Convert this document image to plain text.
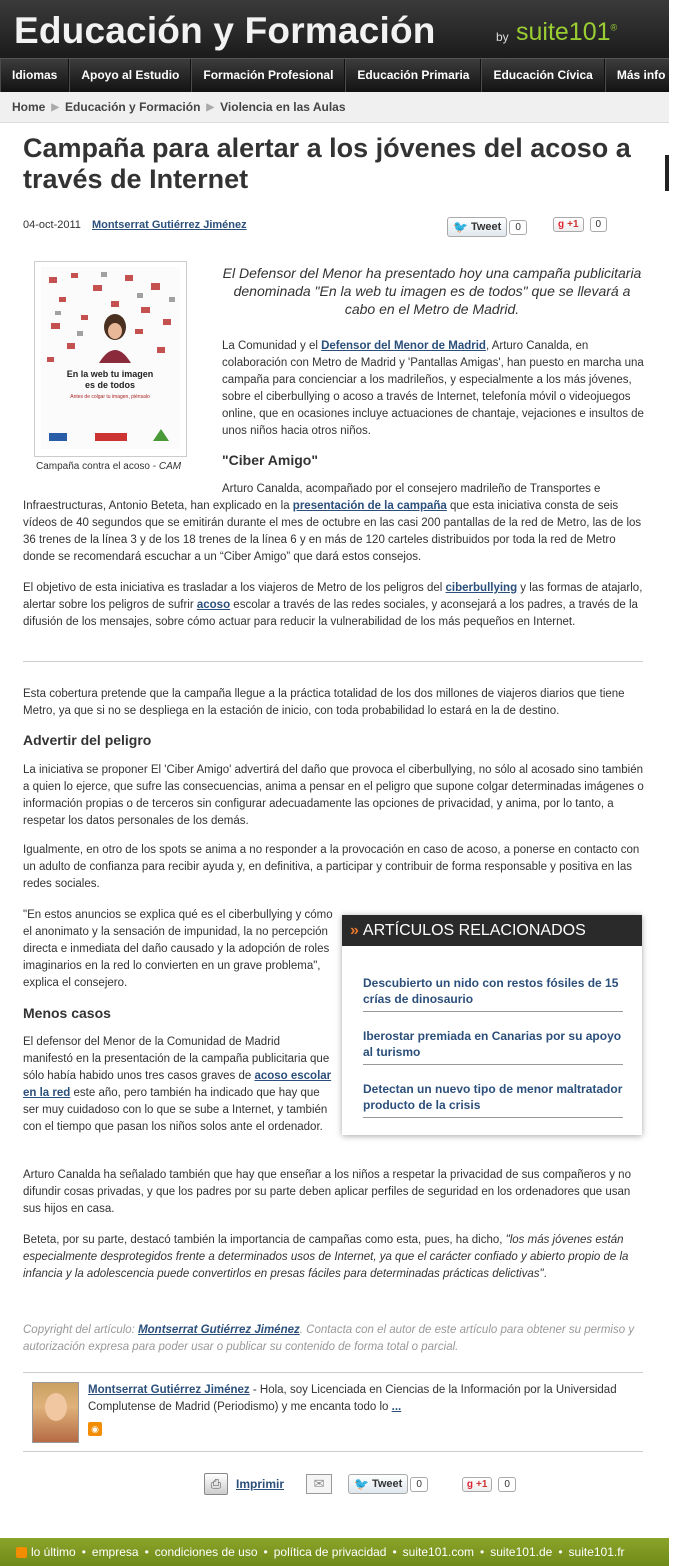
Educación y Formación	by suite101®
Idiomas	Apoyo al Estudio	Formación Profesional	Educación Primaria	Educación Cívica	Más info ▼
Home ▶ Educación y Formación ▶ Violencia en las Aulas
Campaña para alertar a los jóvenes del acoso a través de Internet
04-oct-2011 Montserrat Gutiérrez Jiménez	🐦 Tweet	0	g +1	0
En la web tu imagen
es de todos
Antes de colgar tu imagen, piénsalo
Campaña contra el acoso - CAM

El Defensor del Menor ha presentado hoy una campaña publicitaria denominada "En la web tu imagen es de todos" que se llevará a cabo en el Metro de Madrid.

La Comunidad y el Defensor del Menor de Madrid, Arturo Canalda, en colaboración con Metro de Madrid y 'Pantallas Amigas', han puesto en marcha una campaña para concienciar a los madrileños, y especialmente a los más jóvenes, sobre el ciberbullying o acoso a través de Internet, telefonía móvil o videojuegos online, que en ocasiones incluye actuaciones de chantaje, vejaciones e insultos de unos niños hacia otros niños.

"Ciber Amigo"

Arturo Canalda, acompañado por el consejero madrileño de Transportes e

Infraestructuras, Antonio Beteta, han explicado en la presentación de la campaña que esta iniciativa consta de seis vídeos de 40 segundos que se emitirán durante el mes de octubre en las casi 200 pantallas de la red de Metro, las de los 36 trenes de la línea 3 y de los 18 trenes de la línea 6 y en más de 120 carteles distribuidos por toda la red de Metro donde se recomendará escuchar a un “Ciber Amigo” que dará estos consejos.

El objetivo de esta iniciativa es trasladar a los viajeros de Metro de los peligros del ciberbullying y las formas de atajarlo, alertar sobre los peligros de sufrir acoso escolar a través de las redes sociales, y aconsejará a los padres, a través de la difusión de los mensajes, sobre cómo actuar para reducir la vulnerabilidad de los más pequeños en Internet.

Esta cobertura pretende que la campaña llegue a la práctica totalidad de los dos millones de viajeros diarios que tiene Metro, ya que si no se despliega en la estación de inicio, con toda probabilidad lo estará en la de destino.

Advertir del peligro

La iniciativa se proponer El 'Ciber Amigo' advertirá del daño que provoca el ciberbullying, no sólo al acosado sino también a quien lo ejerce, que sufre las consecuencias, anima a pensar en el peligro que supone colgar determinadas imágenes o información propias o de terceros sin configurar adecuadamente las opciones de privacidad, y anima, por lo tanto, a respetar los datos personales de los demás.

Igualmente, en otro de los spots se anima a no responder a la provocación en caso de acoso, a ponerse en contacto con un adulto de confianza para recibir ayuda y, en definitiva, a participar y contribuir de forma responsable y positiva en las redes sociales.

"En estos anuncios se explica qué es el ciberbullying y cómo el anonimato y la sensación de impunidad, la no percepción directa e inmediata del daño causado y la adopción de roles imaginarios en la red lo convierten en un grave problema", explica el consejero.

Menos casos

El defensor del Menor de la Comunidad de Madrid manifestó en la presentación de la campaña publicitaria que sólo había habido unos tres casos graves de acoso escolar en la red este año, pero también ha indicado que hay que ser muy cuidadoso con lo que se sube a Internet, y también con el tiempo que pasan los niños solos ante el ordenador.

» ARTÍCULOS RELACIONADOS
Descubierto un nido con restos fósiles de 15 crías de dinosaurio
Iberostar premiada en Canarias por su apoyo al turismo
Detectan un nuevo tipo de menor maltratador producto de la crisis

Arturo Canalda ha señalado también que hay que enseñar a los niños a respetar la privacidad de sus compañeros y no difundir cosas privadas, y que los padres por su parte deben aplicar perfiles de seguridad en los ordenadores que usan sus hijos en casa.

Beteta, por su parte, destacó también la importancia de campañas como esta, pues, ha dicho, "los más jóvenes están especialmente desprotegidos frente a determinados usos de Internet, ya que el carácter confiado y abierto propio de la infancia y la adolescencia puede convertirlos en presas fáciles para determinadas prácticas delictivas".

Copyright del artículo: Montserrat Gutiérrez Jiménez. Contacta con el autor de este artículo para obtener su permiso y autorización expresa para poder usar o publicar su contenido de forma total o parcial.

Montserrat Gutiérrez Jiménez - Hola, soy Licenciada en Ciencias de la Información por la Universidad Complutense de Madrid (Periodismo) y me encanta todo lo ...

◉
⎙	Imprimir	✉	🐦 Tweet	0	g +1	0
lo último • empresa • condiciones de uso • política de privacidad • suite101.com • suite101.de • suite101.fr
